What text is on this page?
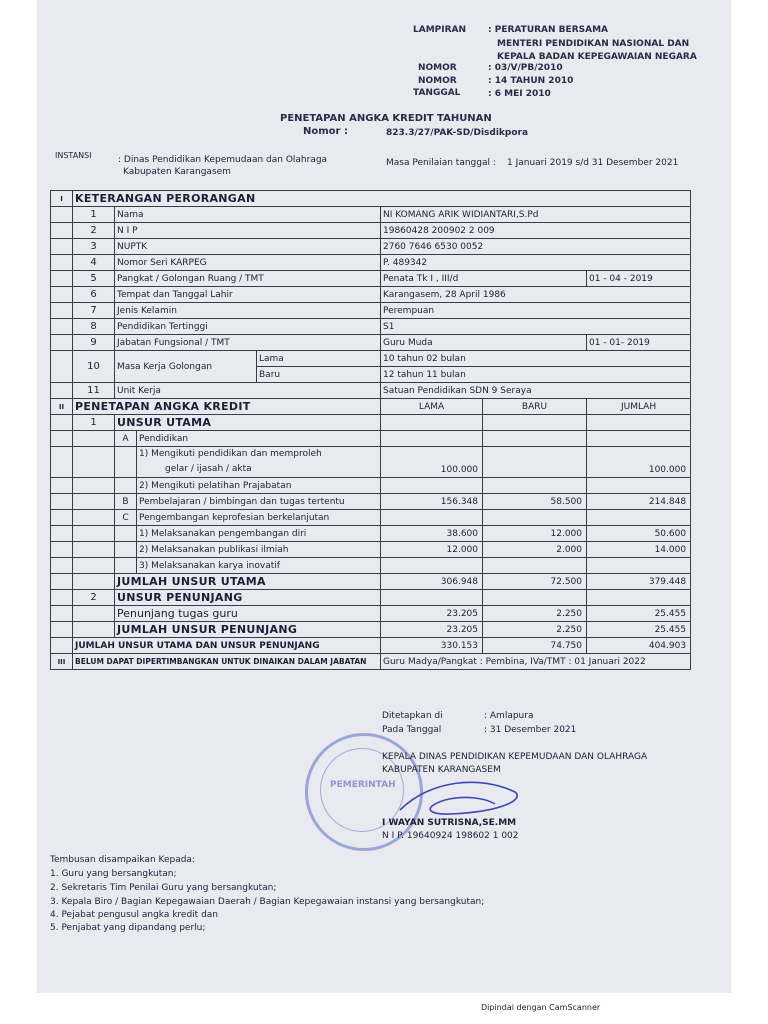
LAMPIRAN : PERATURAN BERSAMA
MENTERI PENDIDIKAN NASIONAL DAN
KEPALA BADAN KEPEGAWAIAN NEGARA
NOMOR	: 03/V/PB/2010
NOMOR	: 14 TAHUN 2010
TANGGAL	: 6 MEI 2010
PENETAPAN ANGKA KREDIT TAHUNAN
Nomor :	823.3/27/PAK-SD/Disdikpora
INSTANSI	: Dinas Pendidikan Kepemudaan dan Olahraga
Kabupaten Karangasem
Masa Penilaian tanggal : 1 Januari 2019 s/d 31 Desember 2021
I	KETERANGAN PERORANGAN						
	1	Nama			NI KOMANG ARIK WIDIANTARI,S.Pd		
	2	N I P			19860428 200902 2 009		
	3	NUPTK			2760 7646 6530 0052		
	4	Nomor Seri KARPEG			P. 489342		
	5	Pangkat / Golongan Ruang / TMT			Penata Tk I , III/d		01 - 04 - 2019
	6	Tempat dan Tanggal Lahir			Karangasem, 28 April 1986		
	7	Jenis Kelamin			Perempuan		
	8	Pendidikan Tertinggi			S1		
	9	Jabatan Fungsional / TMT			Guru Muda		01 - 01- 2019
	10	Masa Kerja Golongan		Lama	10 tahun 02 bulan		
				Baru	12 tahun 11 bulan		
	11	Unit Kerja			Satuan Pendidikan SDN 9 Seraya		
II	PENETAPAN ANGKA KREDIT				LAMA	BARU	JUMLAH
	1	UNSUR UTAMA					
		A	Pendidikan				
			1) Mengikuti pendidikan dan memproleh
gelar / ijasah / akta		100.000		100.000
			2) Mengikuti pelatihan Prajabatan				
		B	Pembelajaran / bimbingan dan tugas tertentu		156.348	58.500	214.848
		C	Pengembangan keprofesian berkelanjutan				
			1) Melaksanakan pengembangan diri		38.600	12.000	50.600
			2) Melaksanakan publikasi ilmiah		12.000	2.000	14.000
			3) Melaksanakan karya inovatif				
		JUMLAH UNSUR UTAMA			306.948	72.500	379.448
	2	UNSUR PENUNJANG					
		Penunjang tugas guru			23.205	2.250	25.455
		JUMLAH UNSUR PENUNJANG			23.205	2.250	25.455
	JUMLAH UNSUR UTAMA DAN UNSUR PENUNJANG				330.153	74.750	404.903
III	BELUM DAPAT DIPERTIMBANGKAN UNTUK DINAIKAN DALAM JABATAN				Guru Madya/Pangkat : Pembina, IVa/TMT : 01 Januari 2022		
Ditetapkan di	: Amlapura
Pada Tanggal	: 31 Desember 2021
PEMERINTAH
KEPALA DINAS PENDIDIKAN KEPEMUDAAN DAN OLAHRAGA
KABUPATEN KARANGASEM
I WAYAN SUTRISNA,SE.MM
N I P. 19640924 198602 1 002
Tembusan disampaikan Kepada:
1. Guru yang bersangkutan;
2. Sekretaris Tim Penilai Guru yang bersangkutan;
3. Kepala Biro / Bagian Kepegawaian Daerah / Bagian Kepegawaian instansi yang bersangkutan;
4. Pejabat pengusul angka kredit dan
5. Penjabat yang dipandang perlu;
Dipindai dengan CamScanner
